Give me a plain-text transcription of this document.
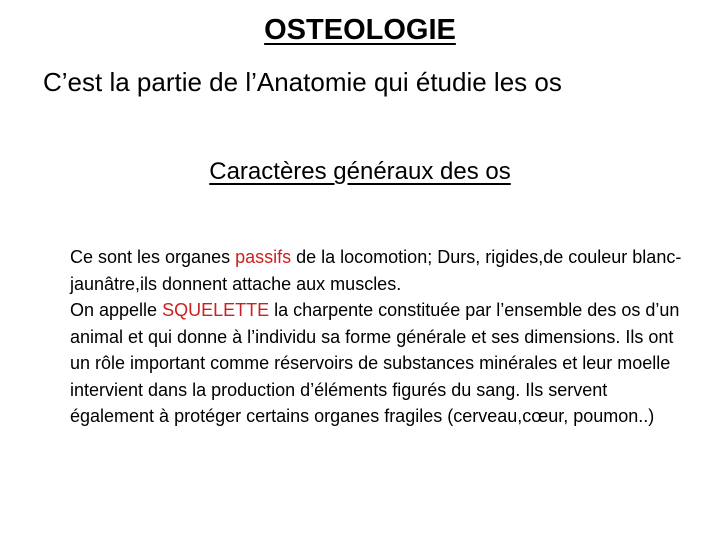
OSTEOLOGIE
C’est la partie de l’Anatomie qui étudie les os
Caractères généraux des os

Ce sont les organes passifs de la locomotion; Durs, rigides,de couleur blanc-jaunâtre,ils donnent attache aux muscles.

On appelle SQUELETTE la charpente constituée par l’ensemble des os d’un animal et qui donne à l’individu sa forme générale et ses dimensions. Ils ont un rôle important comme réservoirs de substances minérales et leur moelle intervient dans la production d’éléments figurés du sang. Ils servent également à protéger certains organes fragiles (cerveau,cœur, poumon..)
